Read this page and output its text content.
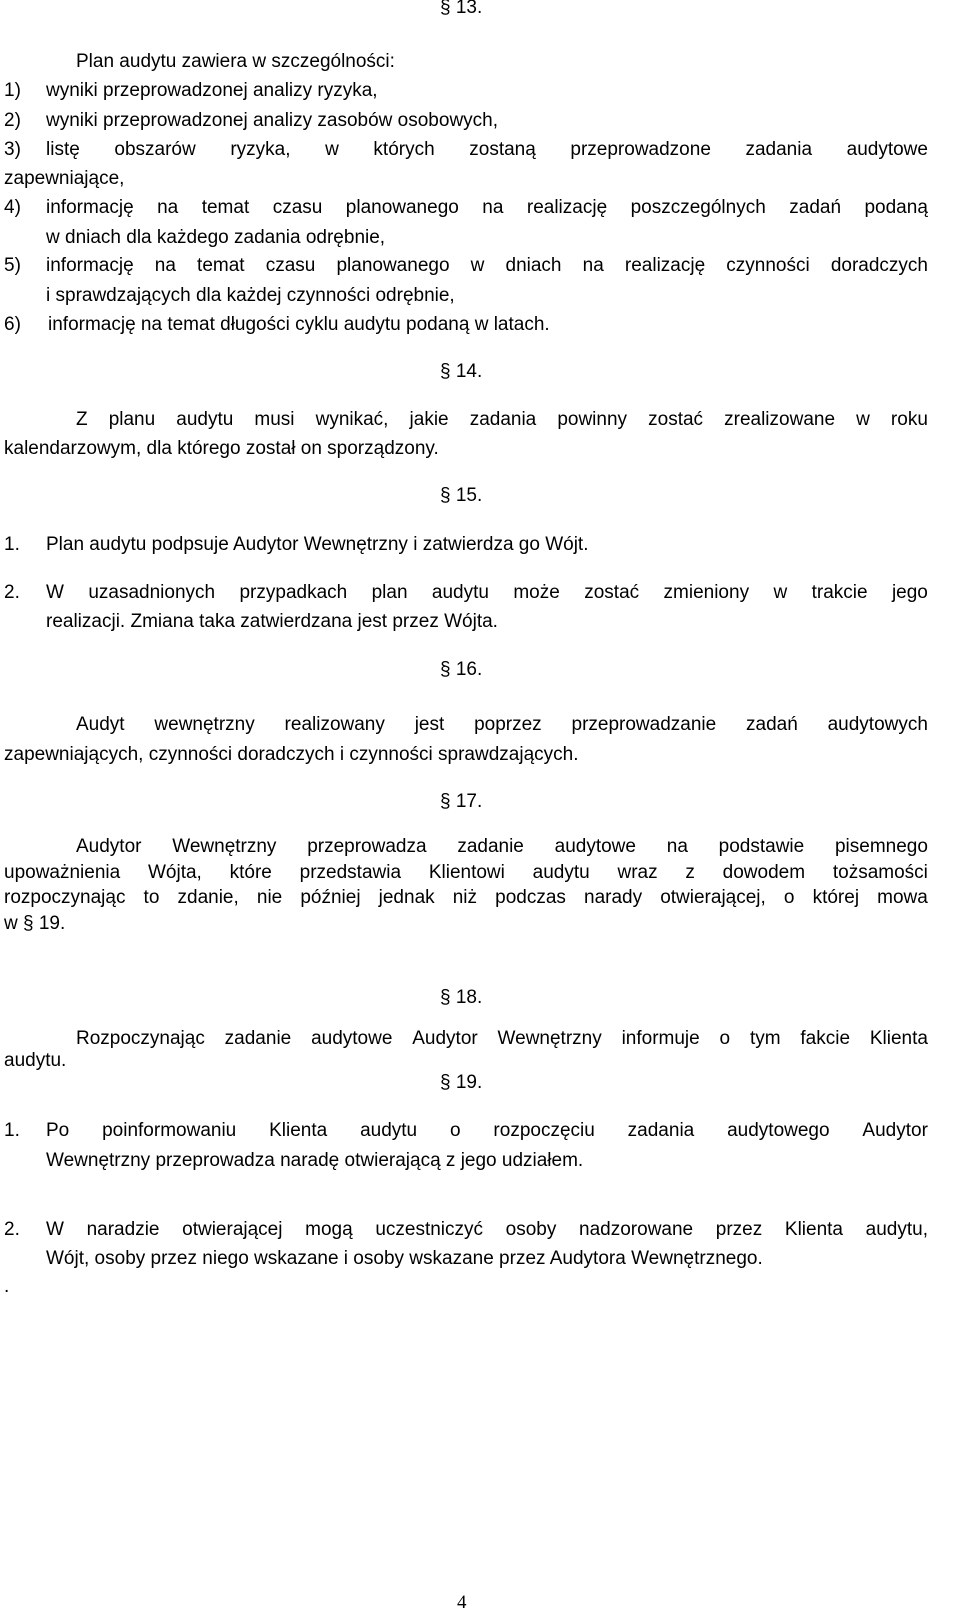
§ 13.
Plan audytu zawiera w szczególności:
1) wyniki przeprowadzonej analizy ryzyka,
2) wyniki przeprowadzonej analizy zasobów osobowych,
3) listę obszarów ryzyka, w których zostaną przeprowadzone zadania audytowe
zapewniające,
4) informację na temat czasu planowanego na realizację poszczególnych zadań podaną
w dniach dla każdego zadania odrębnie,
5) informację na temat czasu planowanego w dniach na realizację czynności doradczych
i sprawdzających dla każdej czynności odrębnie,
6) informację na temat długości cyklu audytu podaną w latach.
§ 14.
Z planu audytu musi wynikać, jakie zadania powinny zostać zrealizowane w roku
kalendarzowym, dla którego został on sporządzony.
§ 15.
1. Plan audytu podpsuje Audytor Wewnętrzny i zatwierdza go Wójt.
2. W uzasadnionych przypadkach plan audytu może zostać zmieniony w trakcie jego
realizacji. Zmiana taka zatwierdzana jest przez Wójta.
§ 16.
Audyt wewnętrzny realizowany jest poprzez przeprowadzanie zadań audytowych
zapewniających, czynności doradczych i czynności sprawdzających.
§ 17.
Audytor Wewnętrzny przeprowadza zadanie audytowe na podstawie pisemnego
upoważnienia Wójta, które przedstawia Klientowi audytu wraz z dowodem tożsamości
rozpoczynając to zdanie, nie później jednak niż podczas narady otwierającej, o której mowa
w § 19.
§ 18.
Rozpoczynając zadanie audytowe Audytor Wewnętrzny informuje o tym fakcie Klienta
audytu.
§ 19.
1. Po poinformowaniu Klienta audytu o rozpoczęciu zadania audytowego Audytor
Wewnętrzny przeprowadza naradę otwierającą z jego udziałem.
2. W naradzie otwierającej mogą uczestniczyć osoby nadzorowane przez Klienta audytu,
Wójt, osoby przez niego wskazane i osoby wskazane przez Audytora Wewnętrznego.
.
4
